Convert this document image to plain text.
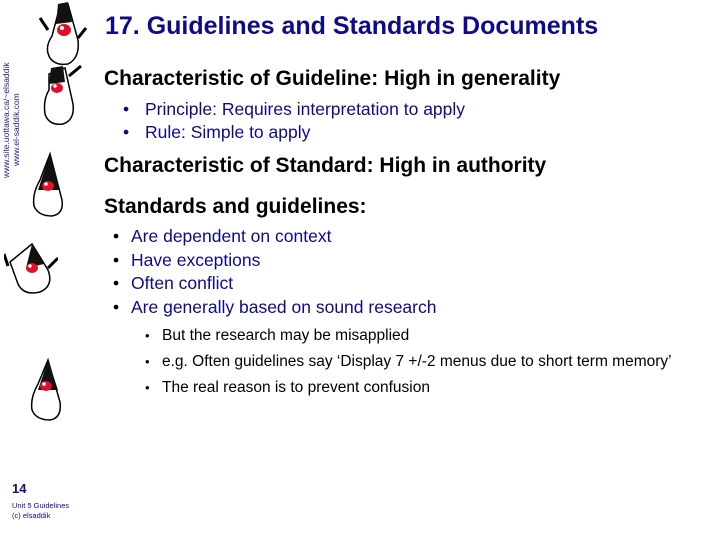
www.site.uottawa.ca/~elsaddik www.el-saddik.com
17. Guidelines and Standards Documents
Characteristic of Guideline: High in generality
• Principle: Requires interpretation to apply
• Rule: Simple to apply
Characteristic of Standard: High in authority
Standards and guidelines:
• Are dependent on context
• Have exceptions
• Often conflict
• Are generally based on sound research
• But the research may be misapplied
• e.g. Often guidelines say ‘Display 7 +/-2 menus due to short term memory’
• The real reason is to prevent confusion
14
Unit 5 Guidelines
(c) elsaddik
